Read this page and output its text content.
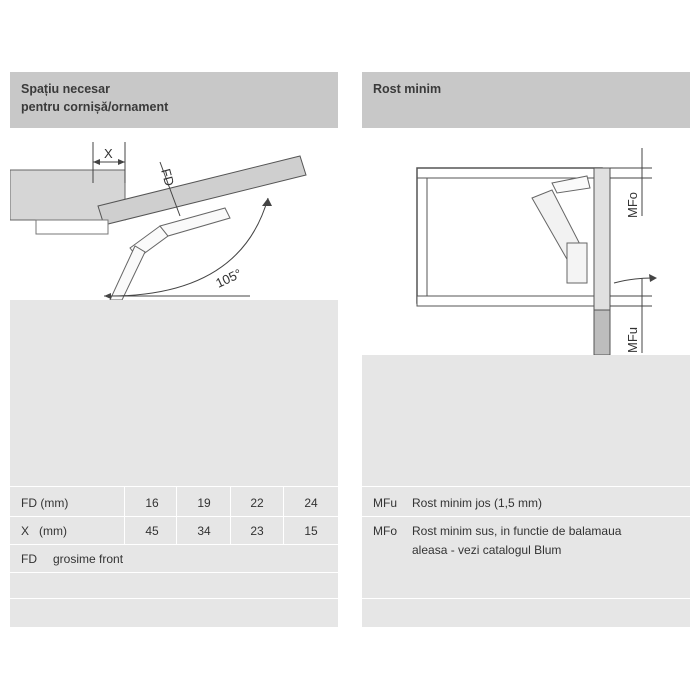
Spațiu necesar
pentru cornișă/ornament
X
FD
105°
FD (mm)	16	19	22	24
X   (mm)	45	34	23	15
FD grosime front
Rost minim
MFo
MFu
MFu Rost minim jos (1,5 mm)
MFo Rost minim sus, in functie de balamaua
aleasa - vezi catalogul Blum
